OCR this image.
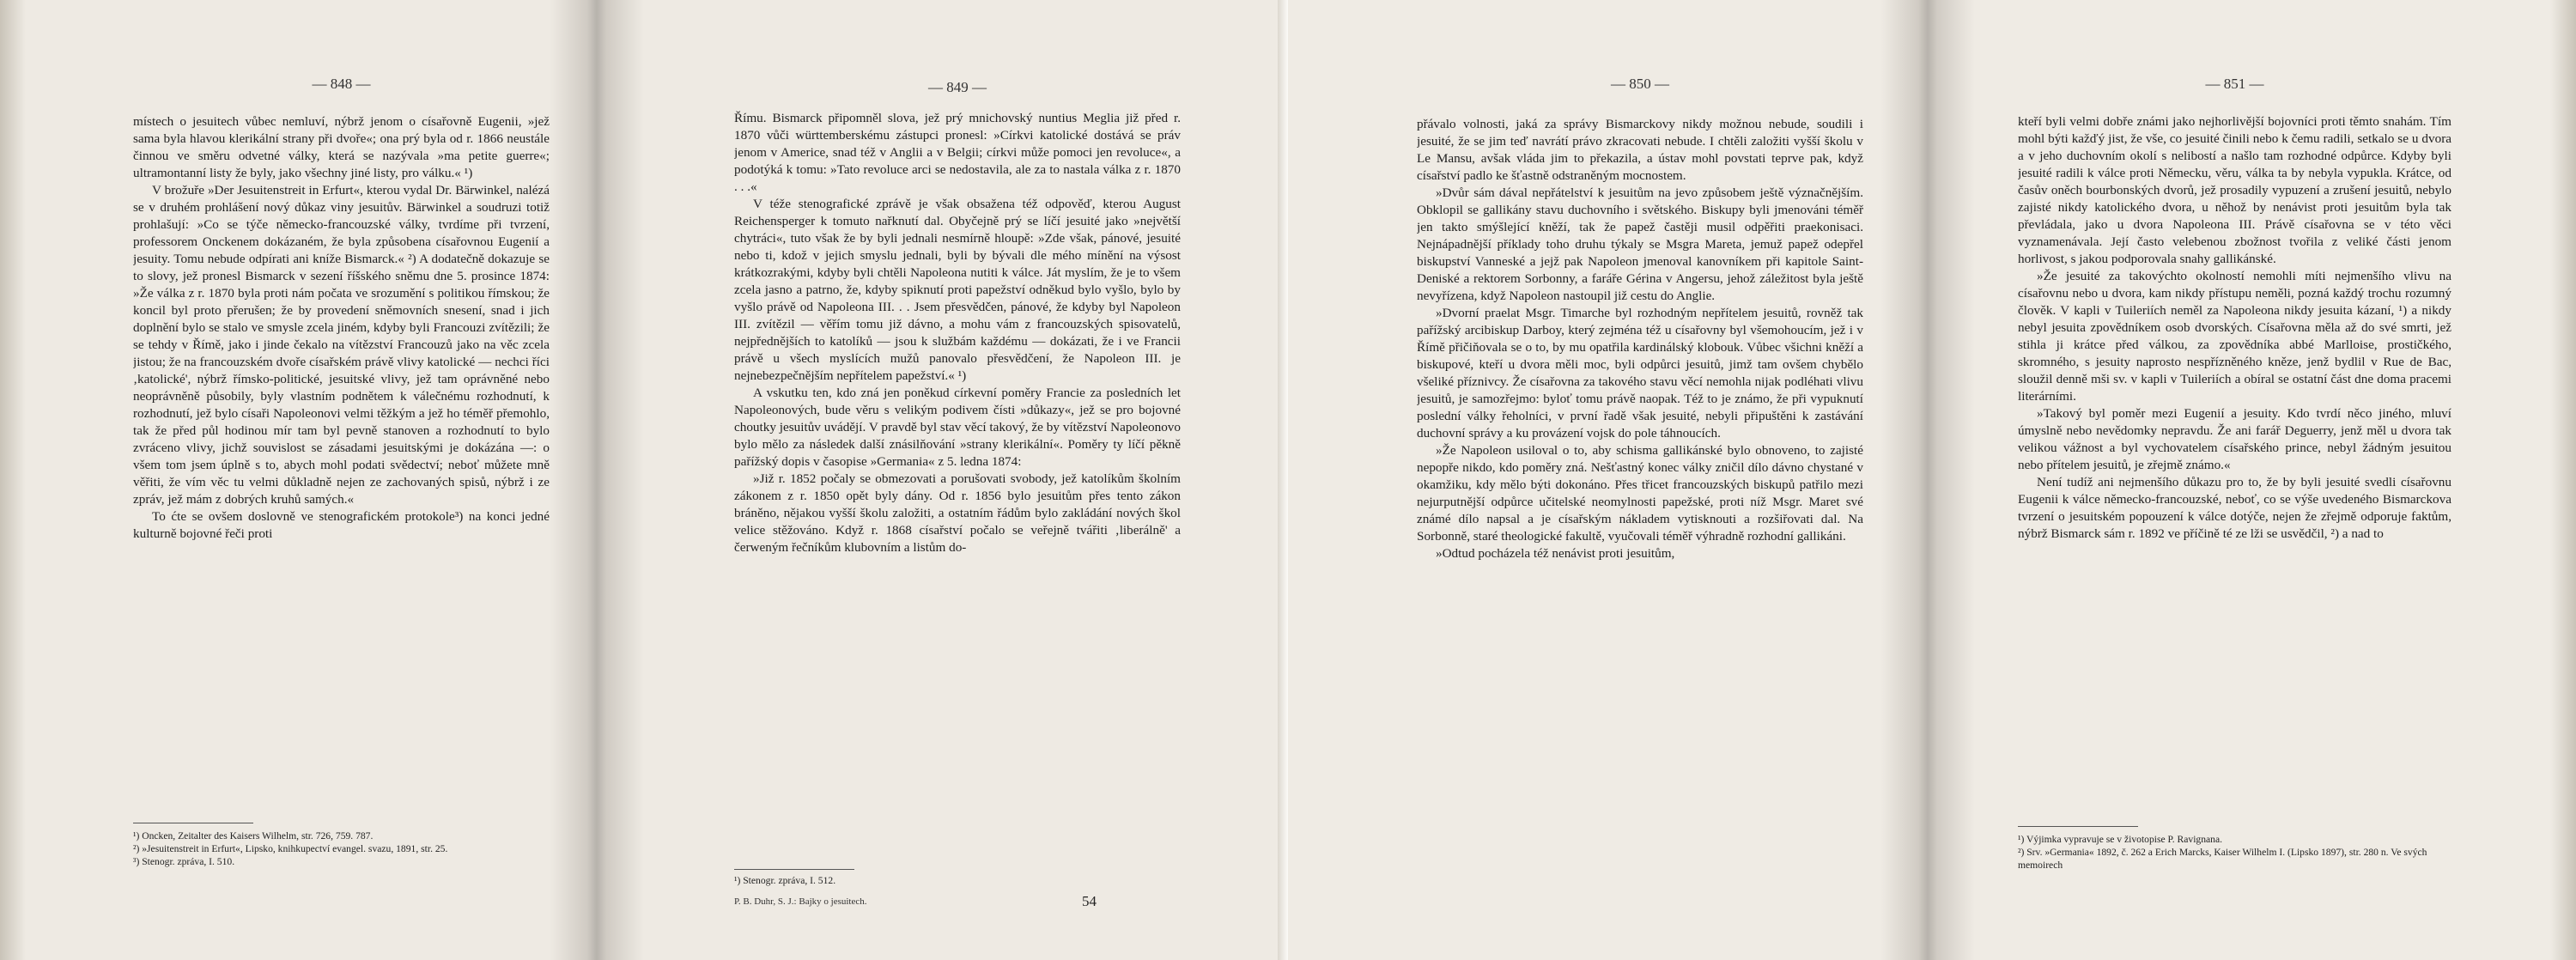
— 848 —

místech o jesuitech vůbec nemluví, nýbrž jenom o císařovně Eugenii, »jež sama byla hlavou klerikální strany při dvoře«; ona prý byla od r. 1866 neustále činnou ve směru odvetné války, která se nazývala »ma petite guerre«; ultramontanní listy že byly, jako všechny jiné listy, pro válku.« ¹)

V brožuře »Der Jesuitenstreit in Erfurt«, kterou vydal Dr. Bärwinkel, nalézá se v druhém prohlášení nový důkaz viny jesuitův. Bärwinkel a soudruzi totiž prohlašují: »Co se týče německo-francouzské války, tvrdíme při tvrzení, professorem Onckenem dokázaném, že byla způsobena císařovnou Eugenií a jesuity. Tomu nebude odpírati ani kníže Bismarck.« ²) A dodatečně dokazuje se to slovy, jež pronesl Bismarck v sezení říšského sněmu dne 5. prosince 1874: »Že válka z r. 1870 byla proti nám počata ve srozumění s politikou římskou; že koncil byl proto přerušen; že by provedení sněmovních snesení, snad i jich doplnění bylo se stalo ve smysle zcela jiném, kdyby byli Francouzi zvítězili; že se tehdy v Římě, jako i jinde čekalo na vítězství Francouzů jako na věc zcela jistou; že na francouzském dvoře císařském právě vlivy katolické — nechci říci ‚katolické', nýbrž římsko-politické, jesuitské vlivy, jež tam oprávněné nebo neoprávněně působily, byly vlastním podnětem k válečnému rozhodnutí, k rozhodnutí, jež bylo císaři Napoleonovi velmi těžkým a jež ho téměř přemohlo, tak že před půl hodinou mír tam byl pevně stanoven a rozhodnutí to bylo zvráceno vlivy, jichž souvislost se zásadami jesuitskými je dokázána —: o všem tom jsem úplně s to, abych mohl podati svědectví; neboť můžete mně věřiti, že vím věc tu velmi důkladně nejen ze zachovaných spisů, nýbrž i ze zpráv, jež mám z dobrých kruhů samých.«

To ćte se ovšem doslovně ve stenografickém protokole³) na konci jedné kulturně bojovné řeči proti

¹) Oncken, Zeitalter des Kaisers Wilhelm, str. 726, 759. 787.
²) »Jesuitenstreit in Erfurt«, Lipsko, knihkupectví evangel. svazu, 1891, str. 25.
³) Stenogr. zpráva, I. 510.
— 849 —

Římu. Bismarck připomněl slova, jež prý mnichovský nuntius Meglia již před r. 1870 vůči württemberskému zástupci pronesl: »Církvi katolické dostává se práv jenom v Americe, snad též v Anglii a v Belgii; církvi může pomoci jen revoluce«, a podotýká k tomu: »Tato revoluce arci se nedostavila, ale za to nastala válka z r. 1870 . . .«

V téže stenografické zprávě je však obsažena též odpověď, kterou August Reichensperger k tomuto nařknutí dal. Obyčejně prý se líčí jesuité jako »největší chytráci«, tuto však že by byli jednali nesmírně hloupě: »Zde však, pánové, jesuité nebo ti, kdož v jejich smyslu jednali, byli by bývali dle mého mínění na výsost krátkozrakými, kdyby byli chtěli Napoleona nutiti k válce. Ját myslím, že je to všem zcela jasno a patrno, že, kdyby spiknutí proti papežství odněkud bylo vyšlo, bylo by vyšlo právě od Napoleona III. . . Jsem přesvědčen, pánové, že kdyby byl Napoleon III. zvítězil — věřím tomu již dávno, a mohu vám z francouzských spisovatelů, nejpřednějších to katolíků — jsou k službám každému — dokázati, že i ve Francii právě u všech myslících mužů panovalo přesvědčení, že Napoleon III. je nejnebezpečnějším nepřítelem papežství.« ¹)

A vskutku ten, kdo zná jen poněkud církevní poměry Francie za posledních let Napoleonových, bude věru s velikým podivem čísti »důkazy«, jež se pro bojovné choutky jesuitův uvádějí. V pravdě byl stav věcí takový, že by vítězství Napoleonovo bylo mělo za následek další znásilňování »strany klerikální«. Poměry ty líčí pěkně pařížský dopis v časopise »Germania« z 5. ledna 1874:

»Již r. 1852 počaly se obmezovati a porušovati svobody, jež katolíkům školním zákonem z r. 1850 opět byly dány. Od r. 1856 bylo jesuitům přes tento zákon bráněno, nějakou vyšší školu založiti, a ostatním řádům bylo zakládání nových škol velice stěžováno. Když r. 1868 císařství počalo se veřejně tvářiti ‚liberálně' a čerweným řečníkům klubovním a listům do-

¹) Stenogr. zpráva, I. 512.
P. B. Duhr, S. J.: Bajky o jesuitech.	54
— 850 —

přávalo volnosti, jaká za správy Bismarckovy nikdy možnou nebude, soudili i jesuité, že se jim teď navrátí právo zkracovati nebude. I chtěli založiti vyšší školu v Le Mansu, avšak vláda jim to překazila, a ústav mohl povstati teprve pak, když císařství padlo ke šťastně odstraněným mocnostem.

»Dvůr sám dával nepřátelství k jesuitům na jevo způsobem ještě význačnějším. Obklopil se gallikány stavu duchovního i světského. Biskupy byli jmenováni téměř jen takto smýšlející kněží, tak že papež častěji musil odpěřiti praekonisaci. Nejnápadnější příklady toho druhu týkaly se Msgra Mareta, jemuž papež odepřel biskupství Vanneské a jejž pak Napoleon jmenoval kanovníkem při kapitole Saint-Deniské a rektorem Sorbonny, a faráře Gérina v Angersu, jehož záležitost byla ještě nevyřízena, když Napoleon nastoupil již cestu do Anglie.

»Dvorní praelat Msgr. Timarche byl rozhodným nepřítelem jesuitů, rovněž tak pařížský arcibiskup Darboy, který zejména též u císařovny byl všemohoucím, jež i v Římě přičiňovala se o to, by mu opatřila kardinálský klobouk. Vůbec všichni kněží a biskupové, kteří u dvora měli moc, byli odpůrci jesuitů, jimž tam ovšem chybělo všeliké příznivcy. Že císařovna za takového stavu věcí nemohla nijak podléhati vlivu jesuitů, je samozřejmo: byloť tomu právě naopak. Též to je známo, že při vypuknutí poslední války řeholníci, v první řadě však jesuité, nebyli připuštěni k zastávání duchovní správy a ku provázení vojsk do pole táhnoucích.

»Že Napoleon usiloval o to, aby schisma gallikánské bylo obnoveno, to zajisté nepopře nikdo, kdo poměry zná. Nešťastný konec války zničil dílo dávno chystané v okamžiku, kdy mělo býti dokonáno. Přes třicet francouzských biskupů patřilo mezi nejurputnější odpůrce učitelské neomylnosti papežské, proti níž Msgr. Maret své známé dílo napsal a je císařským nákladem vytisknouti a rozšiřovati dal. Na Sorbonně, staré theologické fakultě, vyučovali téměř výhradně rozhodní gallikáni.

»Odtud pocházela též nenávist proti jesuitům,

— 851 —

kteří byli velmi dobře známi jako nejhorlivější bojovníci proti těmto snahám. Tím mohl býti kažďý jist, že vše, co jesuité činili nebo k čemu radili, setkalo se u dvora a v jeho duchovním okolí s nelibostí a našlo tam rozhodné odpůrce. Kdyby byli jesuité radili k válce proti Německu, věru, válka ta by nebyla vypukla. Krátce, od časův oněch bourbonských dvorů, jež prosadily vypuzení a zrušení jesuitů, nebylo zajisté nikdy katolického dvora, u něhož by nenávist proti jesuitům byla tak převládala, jako u dvora Napoleona III. Právě císařovna se v této věci vyznamenávala. Její často velebenou zbožnost tvořila z veliké části jenom horlivost, s jakou podporovala snahy gallikánské.

»Že jesuité za takovýchto okolností nemohli míti nejmenšího vlivu na císařovnu nebo u dvora, kam nikdy přístupu neměli, pozná každý trochu rozumný člověk. V kapli v Tuileriích neměl za Napoleona nikdy jesuita kázaní, ¹) a nikdy nebyl jesuita zpovědníkem osob dvorských. Císařovna měla až do své smrti, jež stihla ji krátce před válkou, za zpovědníka abbé Marlloise, prostičkého, skromného, s jesuity naprosto nespřízněného kněze, jenž bydlil v Rue de Bac, sloužil denně mši sv. v kapli v Tuileriích a obíral se ostatní část dne doma pracemi literárními.

»Takový byl poměr mezi Eugenií a jesuity. Kdo tvrdí něco jiného, mluví úmyslně nebo nevědomky nepravdu. Že ani farář Deguerry, jenž měl u dvora tak velikou vážnost a byl vychovatelem císařského prince, nebyl žádným jesuitou nebo přítelem jesuitů, je zřejmě známo.«

Není tudíž ani nejmenšího důkazu pro to, že by byli jesuité svedli císařovnu Eugenii k válce německo-francouzské, neboť, co se výše uvedeného Bismarckova tvrzení o jesuitském popouzení k válce dotýče, nejen že zřejmě odporuje faktům, nýbrž Bismarck sám r. 1892 ve příčině té ze lži se usvědčil, ²) a nad to

¹) Výjimka vypravuje se v životopise P. Ravignana.
²) Srv. »Germania« 1892, č. 262 a Erich Marcks, Kaiser Wilhelm I. (Lipsko 1897), str. 280 n. Ve svých memoirech
